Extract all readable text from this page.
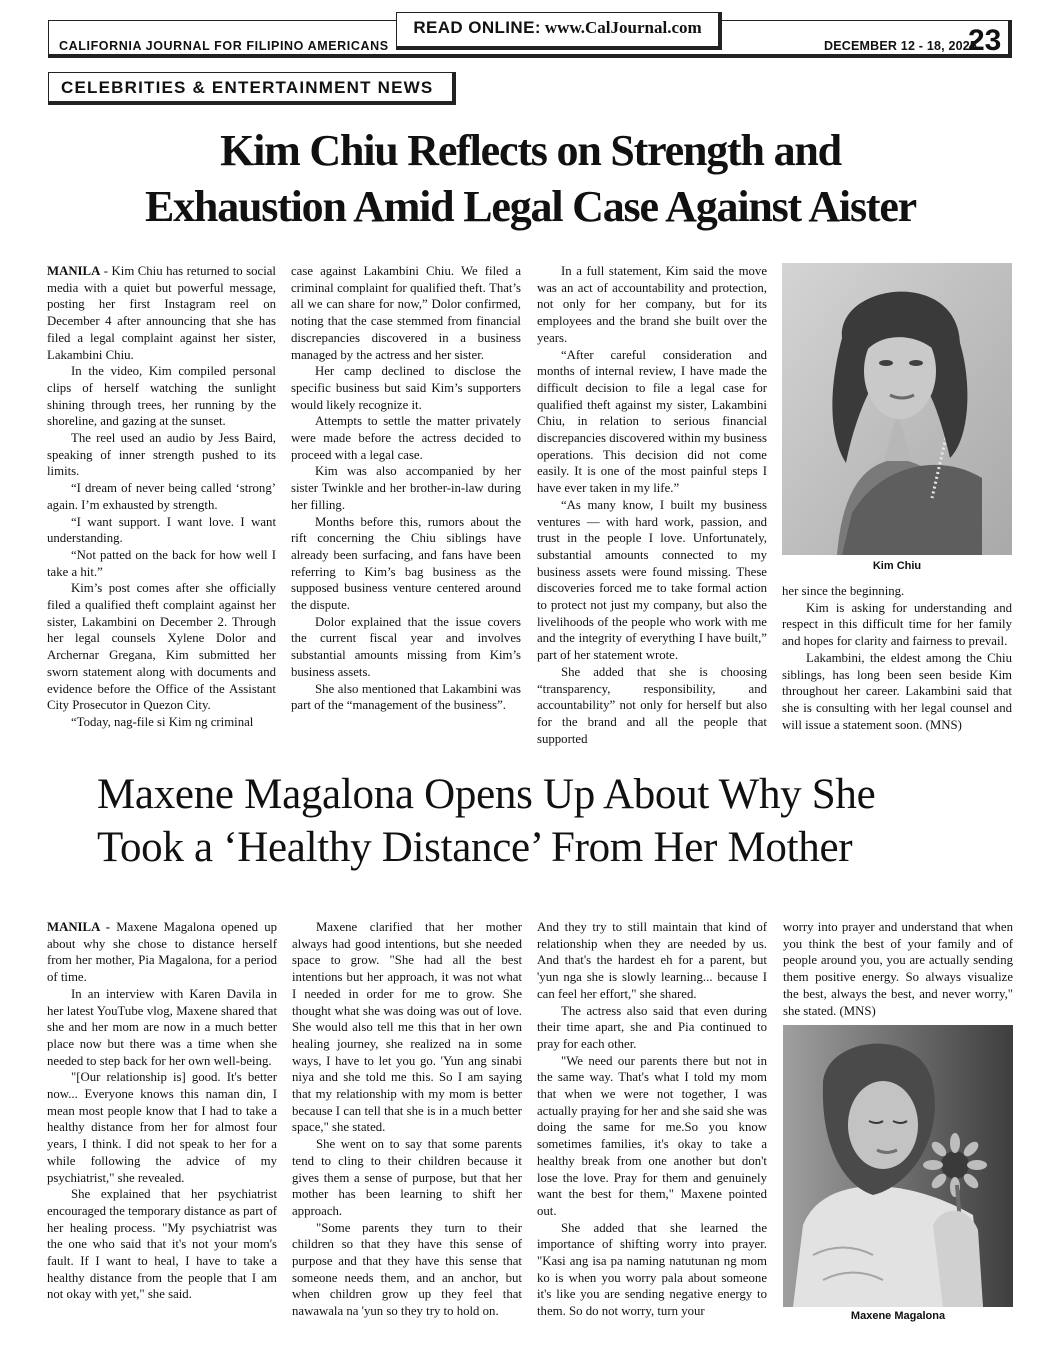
CALIFORNIA JOURNAL FOR FILIPINO AMERICANS
READ ONLINE: www.CalJournal.com
DECEMBER 12 - 18, 2025
23
CELEBRITIES & ENTERTAINMENT NEWS
Kim Chiu Reflects on Strength and
Exhaustion Amid Legal Case Against Aister

MANILA - Kim Chiu has returned to social media with a quiet but powerful message, posting her first Instagram reel on December 4 after announcing that she has filed a legal complaint against her sister, Lakambini Chiu.

In the video, Kim compiled personal clips of herself watching the sunlight shining through trees, her running by the shoreline, and gazing at the sunset.

The reel used an audio by Jess Baird, speaking of inner strength pushed to its limits.

“I dream of never being called ‘strong’ again. I’m exhausted by strength.

“I want support. I want love. I want understanding.

“Not patted on the back for how well I take a hit.”

Kim’s post comes after she officially filed a qualified theft complaint against her sister, Lakambini on December 2. Through her legal counsels Xylene Dolor and Archernar Gregana, Kim submitted her sworn statement along with documents and evidence before the Office of the Assistant City Prosecutor in Quezon City.

“Today, nag-file si Kim ng criminal

case against Lakambini Chiu. We filed a criminal complaint for qualified theft. That’s all we can share for now,” Dolor confirmed, noting that the case stemmed from financial discrepancies discovered in a business managed by the actress and her sister.

Her camp declined to disclose the specific business but said Kim’s supporters would likely recognize it.

Attempts to settle the matter privately were made before the actress decided to proceed with a legal case.

Kim was also accompanied by her sister Twinkle and her brother-in-law during her filling.

Months before this, rumors about the rift concerning the Chiu siblings have already been surfacing, and fans have been referring to Kim’s bag business as the supposed business venture centered around the dispute.

Dolor explained that the issue covers the current fiscal year and involves substantial amounts missing from Kim’s business assets.

She also mentioned that Lakambini was part of the “management of the business”.

In a full statement, Kim said the move was an act of accountability and protection, not only for her company, but for its employees and the brand she built over the years.

“After careful consideration and months of internal review, I have made the difficult decision to file a legal case for qualified theft against my sister, Lakambini Chiu, in relation to serious financial discrepancies discovered within my business operations. This decision did not come easily. It is one of the most painful steps I have ever taken in my life.”

“As many know, I built my business ventures — with hard work, passion, and trust in the people I love. Unfortunately, substantial amounts connected to my business assets were found missing. These discoveries forced me to take formal action to protect not just my company, but also the livelihoods of the people who work with me and the integrity of everything I have built,” part of her statement wrote.

She added that she is choosing “transparency, responsibility, and accountability” not only for herself but also for the brand and all the people that supported

Kim Chiu

her since the beginning.

Kim is asking for understanding and respect in this difficult time for her family and hopes for clarity and fairness to prevail.

Lakambini, the eldest among the Chiu siblings, has long been seen beside Kim throughout her career. Lakambini said that she is consulting with her legal counsel and will issue a statement soon. (MNS)

Maxene Magalona Opens Up About Why She
Took a ‘Healthy Distance’ From Her Mother

MANILA - Maxene Magalona opened up about why she chose to distance herself from her mother, Pia Magalona, for a period of time.

In an interview with Karen Davila in her latest YouTube vlog, Maxene shared that she and her mom are now in a much better place now but there was a time when she needed to step back for her own well-being.

"[Our relationship is] good. It's better now... Everyone knows this naman din, I mean most people know that I had to take a healthy distance from her for almost four years, I think. I did not speak to her for a while following the advice of my psychiatrist," she revealed.

She explained that her psychiatrist encouraged the temporary distance as part of her healing process. "My psychiatrist was the one who said that it's not your mom's fault. If I want to heal, I have to take a healthy distance from the people that I am not okay with yet," she said.

Maxene clarified that her mother always had good intentions, but she needed space to grow. "She had all the best intentions but her approach, it was not what I needed in order for me to grow. She thought what she was doing was out of love. She would also tell me this that in her own healing journey, she realized na in some ways, I have to let you go. 'Yun ang sinabi niya and she told me this. So I am saying that my relationship with my mom is better because I can tell that she is in a much better space," she stated.

She went on to say that some parents tend to cling to their children because it gives them a sense of purpose, but that her mother has been learning to shift her approach.

"Some parents they turn to their children so that they have this sense of purpose and that they have this sense that someone needs them, and an anchor, but when children grow up they feel that nawawala na 'yun so they try to hold on.

And they try to still maintain that kind of relationship when they are needed by us. And that's the hardest eh for a parent, but 'yun nga she is slowly learning... because I can feel her effort," she shared.

The actress also said that even during their time apart, she and Pia continued to pray for each other.

"We need our parents there but not in the same way. That's what I told my mom that when we were not together, I was actually praying for her and she said she was doing the same for me.So you know sometimes families, it's okay to take a healthy break from one another but don't lose the love. Pray for them and genuinely want the best for them," Maxene pointed out.

She added that she learned the importance of shifting worry into prayer. "Kasi ang isa pa naming natutunan ng mom ko is when you worry pala about someone it's like you are sending negative energy to them. So do not worry, turn your

worry into prayer and understand that when you think the best of your family and of people around you, you are actually sending them positive energy. So always visualize the best, always the best, and never worry," she stated. (MNS)

Maxene Magalona
